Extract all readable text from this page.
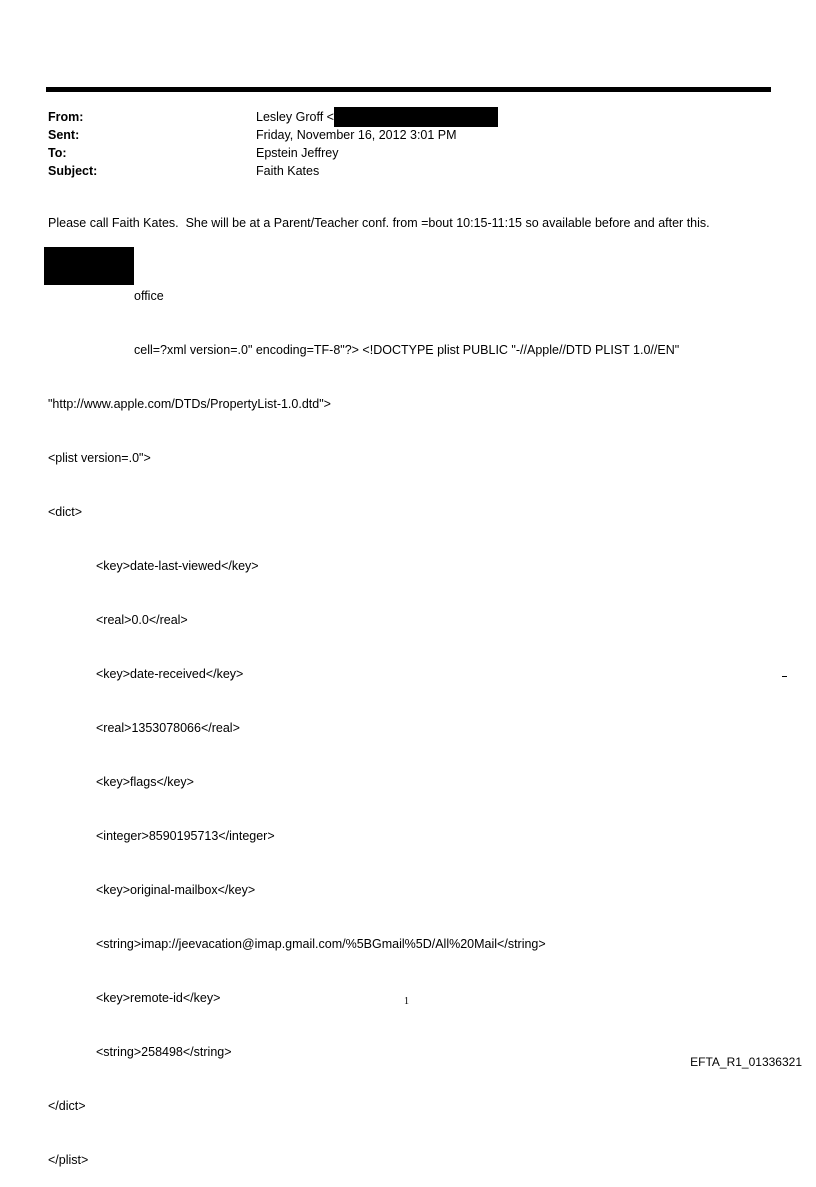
From:	Lesley Groff <
Sent:	Friday, November 16, 2012 3:01 PM
To:	Epstein Jeffrey
Subject:	Faith Kates

Please call Faith Kates.  She will be at a Parent/Teacher conf. from =bout 10:15-11:15 so available before and after this.

office

cell=?xml version=.0" encoding=TF-8"?> <!DOCTYPE plist PUBLIC "-//Apple//DTD PLIST 1.0//EN"

"http://www.apple.com/DTDs/PropertyList-1.0.dtd">

<plist version=.0">

<dict>

<key>date-last-viewed</key>

<real>0.0</real>

<key>date-received</key>

<real>1353078066</real>

<key>flags</key>

<integer>8590195713</integer>

<key>original-mailbox</key>

<string>imap://jeevacation@imap.gmail.com/%5BGmail%5D/All%20Mail</string>

<key>remote-id</key>

<string>258498</string>

</dict>

</plist>

1
EFTA_R1_01336321
